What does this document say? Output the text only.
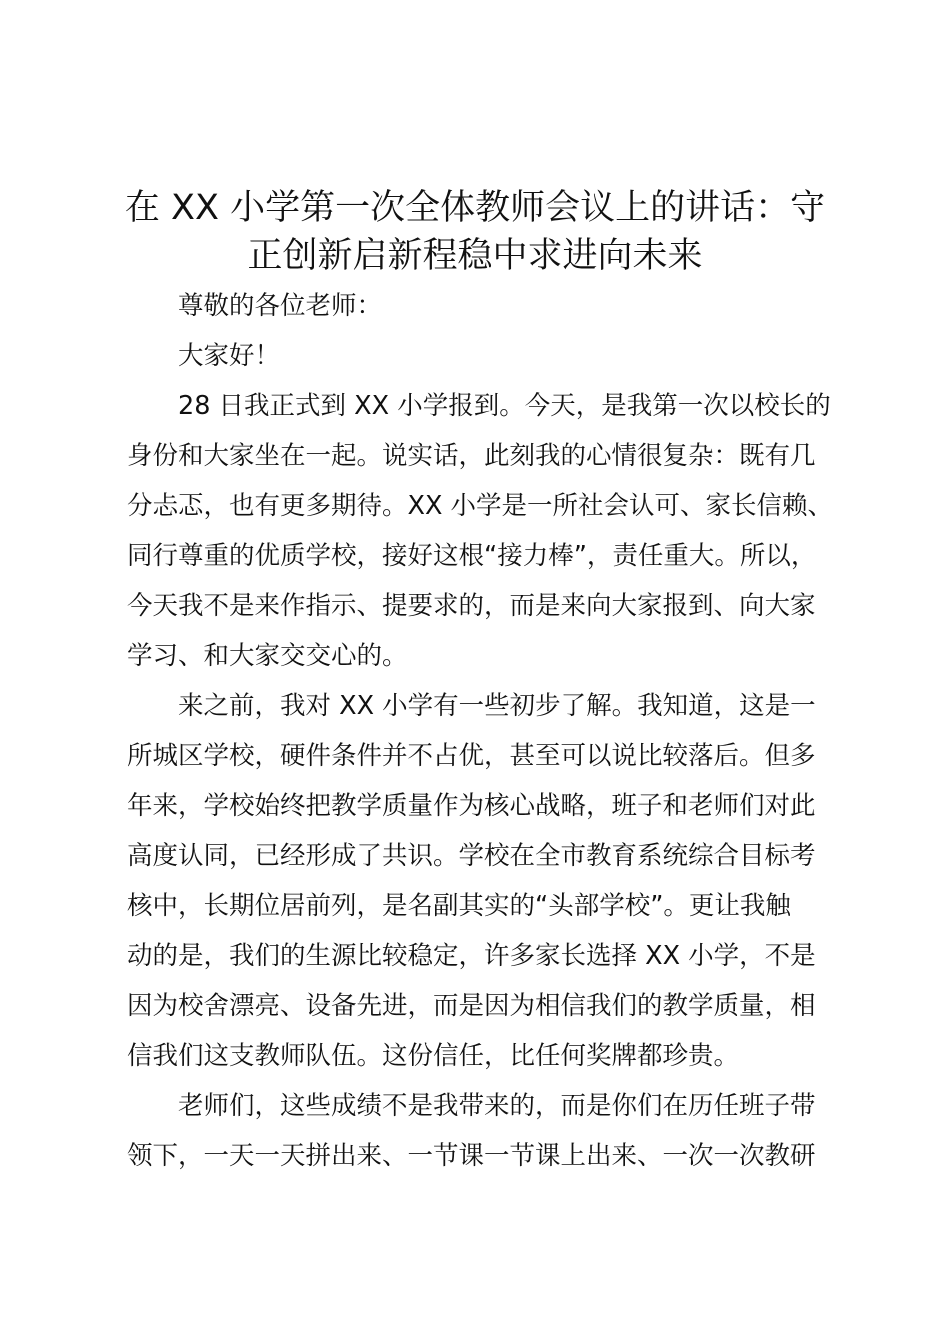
在 XX 小学第一次全体教师会议上的讲话：守
正创新启新程稳中求进向未来

尊敬的各位老师：

大家好！

28 日我正式到 XX 小学报到。今天，是我第一次以校长的

身份和大家坐在一起。说实话，此刻我的心情很复杂：既有几

分忐忑，也有更多期待。XX 小学是一所社会认可、家长信赖、

同行尊重的优质学校，接好这根“接力棒”，责任重大。所以，

今天我不是来作指示、提要求的，而是来向大家报到、向大家

学习、和大家交交心的。

来之前，我对 XX 小学有一些初步了解。我知道，这是一

所城区学校，硬件条件并不占优，甚至可以说比较落后。但多

年来，学校始终把教学质量作为核心战略，班子和老师们对此

高度认同，已经形成了共识。学校在全市教育系统综合目标考

核中，长期位居前列，是名副其实的“头部学校”。更让我触

动的是，我们的生源比较稳定，许多家长选择 XX 小学，不是

因为校舍漂亮、设备先进，而是因为相信我们的教学质量，相

信我们这支教师队伍。这份信任，比任何奖牌都珍贵。

老师们，这些成绩不是我带来的，而是你们在历任班子带

领下，一天一天拼出来、一节课一节课上出来、一次一次教研
